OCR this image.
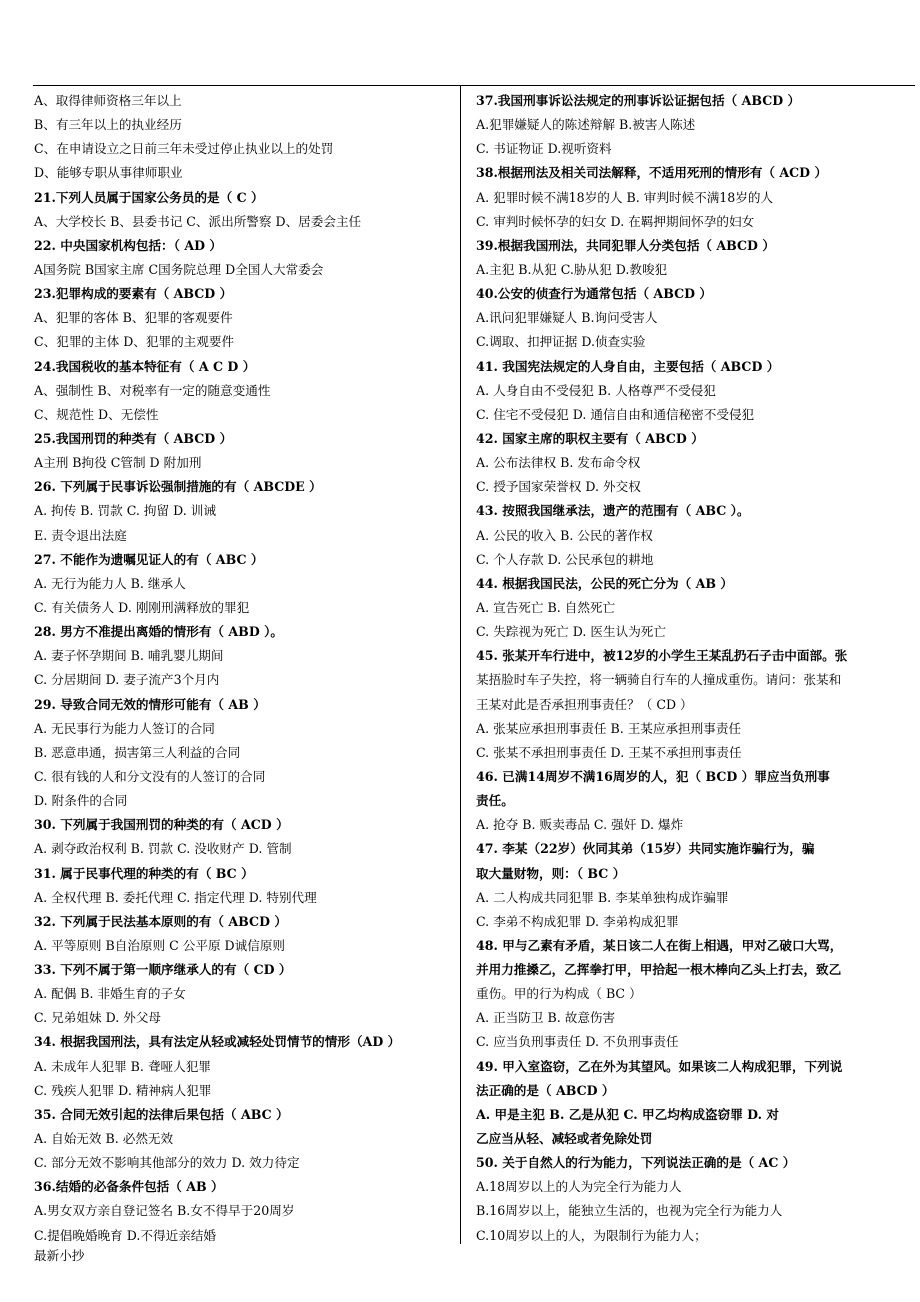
A、取得律师资格三年以上
B、有三年以上的执业经历
C、在申请设立之日前三年未受过停止执业以上的处罚
D、能够专职从事律师职业
21.下列人员属于国家公务员的是（ C ）
A、大学校长 B、县委书记 C、派出所警察 D、居委会主任
22. 中央国家机构包括：（ AD ）
A国务院 B国家主席 C国务院总理 D全国人大常委会
23.犯罪构成的要素有（ ABCD ）
A、犯罪的客体 B、犯罪的客观要件
C、犯罪的主体 D、犯罪的主观要件
24.我国税收的基本特征有（ A C D ）
A、强制性 B、对税率有一定的随意变通性
C、规范性 D、无偿性
25.我国刑罚的种类有（ ABCD ）
A主刑 B拘役 C管制 D 附加刑
26. 下列属于民事诉讼强制措施的有（ ABCDE ）
A. 拘传 B. 罚款 C. 拘留 D. 训诫
E. 责令退出法庭
27. 不能作为遗嘱见证人的有（ ABC ）
A. 无行为能力人 B. 继承人
C. 有关债务人 D. 刚刚刑满释放的罪犯
28. 男方不准提出离婚的情形有（ ABD ）。
A. 妻子怀孕期间 B. 哺乳婴儿期间
C. 分居期间 D. 妻子流产3个月内
29. 导致合同无效的情形可能有（ AB ）
A. 无民事行为能力人签订的合同
B. 恶意串通，损害第三人利益的合同
C. 很有钱的人和分文没有的人签订的合同
D. 附条件的合同
30. 下列属于我国刑罚的种类的有（ ACD ）
A. 剥夺政治权利 B. 罚款 C. 没收财产 D. 管制
31. 属于民事代理的种类的有（ BC ）
A. 全权代理 B. 委托代理 C. 指定代理 D. 特别代理
32. 下列属于民法基本原则的有（ ABCD ）
A. 平等原则 B自治原则 C 公平原 D诚信原则
33. 下列不属于第一顺序继承人的有（ CD ）
A. 配偶 B. 非婚生育的子女
C. 兄弟姐妹 D. 外父母
34. 根据我国刑法，具有法定从轻或减轻处罚情节的情形（AD ）
A. 未成年人犯罪 B. 聋哑人犯罪
C. 残疾人犯罪 D. 精神病人犯罪
35. 合同无效引起的法律后果包括（ ABC ）
A. 自始无效 B. 必然无效
C. 部分无效不影响其他部分的效力 D. 效力待定
36.结婚的必备条件包括（ AB ）
A.男女双方亲自登记签名 B.女不得早于20周岁
C.提倡晚婚晚育 D.不得近亲结婚
37.我国刑事诉讼法规定的刑事诉讼证据包括（ ABCD ）
A.犯罪嫌疑人的陈述辩解 B.被害人陈述
C. 书证物证 D.视听资料
38.根据刑法及相关司法解释，不适用死刑的情形有（ ACD ）
A. 犯罪时候不满18岁的人 B. 审判时候不满18岁的人
C. 审判时候怀孕的妇女 D. 在羁押期间怀孕的妇女
39.根据我国刑法，共同犯罪人分类包括（ ABCD ）
A.主犯 B.从犯 C.胁从犯 D.教唆犯
40.公安的侦查行为通常包括（ ABCD ）
A.讯问犯罪嫌疑人 B.询问受害人
C.调取、扣押证据 D.侦查实验
41. 我国宪法规定的人身自由，主要包括（ ABCD ）
A. 人身自由不受侵犯 B. 人格尊严不受侵犯
C. 住宅不受侵犯 D. 通信自由和通信秘密不受侵犯
42. 国家主席的职权主要有（ ABCD ）
A. 公布法律权 B. 发布命令权
C. 授予国家荣誉权 D. 外交权
43. 按照我国继承法，遗产的范围有（ ABC ）。
A. 公民的收入 B. 公民的著作权
C. 个人存款 D. 公民承包的耕地
44. 根据我国民法，公民的死亡分为（ AB ）
A. 宣告死亡 B. 自然死亡
C. 失踪视为死亡 D. 医生认为死亡
45. 张某开车行进中，被12岁的小学生王某乱扔石子击中面部。张
某捂脸时车子失控，将一辆骑自行车的人撞成重伤。请问：张某和
王某对此是否承担刑事责任？（ CD ）
A. 张某应承担刑事责任 B. 王某应承担刑事责任
C. 张某不承担刑事责任 D. 王某不承担刑事责任
46. 已满14周岁不满16周岁的人，犯（ BCD ）罪应当负刑事
责任。
A. 抢夺 B. 贩卖毒品 C. 强奸 D. 爆炸
47. 李某（22岁）伙同其弟（15岁）共同实施诈骗行为，骗
取大量财物，则：（ BC ）
A. 二人构成共同犯罪 B. 李某单独构成诈骗罪
C. 李弟不构成犯罪 D. 李弟构成犯罪
48. 甲与乙素有矛盾，某日该二人在街上相遇，甲对乙破口大骂，
并用力推搡乙，乙挥拳打甲，甲拾起一根木棒向乙头上打去，致乙
重伤。甲的行为构成（ BC ）
A. 正当防卫 B. 故意伤害
C. 应当负刑事责任 D. 不负刑事责任
49. 甲入室盗窃，乙在外为其望风。如果该二人构成犯罪，下列说
法正确的是（ ABCD ）
A. 甲是主犯 B. 乙是从犯 C. 甲乙均构成盗窃罪 D. 对
乙应当从轻、减轻或者免除处罚
50. 关于自然人的行为能力，下列说法正确的是（ AC ）
A.18周岁以上的人为完全行为能力人
B.16周岁以上，能独立生活的，也视为完全行为能力人
C.10周岁以上的人，为限制行为能力人；
最新小抄
